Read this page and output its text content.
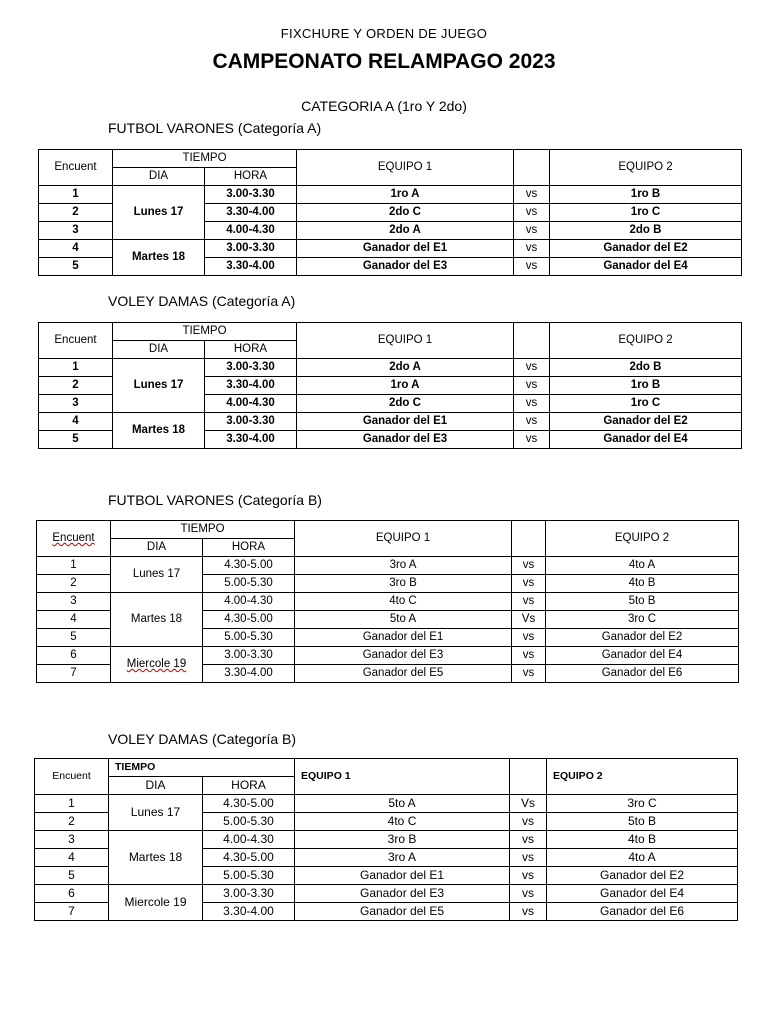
FIXCHURE Y ORDEN DE JUEGO
CAMPEONATO RELAMPAGO 2023
CATEGORIA A (1ro Y 2do)
FUTBOL VARONES (Categoría A)
Encuent	TIEMPO		EQUIPO 1		EQUIPO 2
	DIA	HORA			
1	Lunes 17	3.00-3.30	1ro A	vs	1ro B
2		3.30-4.00	2do C	vs	1ro C
3		4.00-4.30	2do A	vs	2do B
4	Martes 18	3.00-3.30	Ganador del E1	vs	Ganador del E2
5		3.30-4.00	Ganador del E3	vs	Ganador del E4
VOLEY DAMAS (Categoría A)
Encuent	TIEMPO		EQUIPO 1		EQUIPO 2
	DIA	HORA			
1	Lunes 17	3.00-3.30	2do A	vs	2do B
2		3.30-4.00	1ro A	vs	1ro B
3		4.00-4.30	2do C	vs	1ro C
4	Martes 18	3.00-3.30	Ganador del E1	vs	Ganador del E2
5		3.30-4.00	Ganador del E3	vs	Ganador del E4
FUTBOL VARONES (Categoría B)
Encuent	TIEMPO		EQUIPO 1		EQUIPO 2
	DIA	HORA			
1	Lunes 17	4.30-5.00	3ro A	vs	4to A
2		5.00-5.30	3ro B	vs	4to B
3	Martes 18	4.00-4.30	4to C	vs	5to B
4		4.30-5.00	5to A	Vs	3ro C
5		5.00-5.30	Ganador del E1	vs	Ganador del E2
6	Miercole 19	3.00-3.30	Ganador del E3	vs	Ganador del E4
7		3.30-4.00	Ganador del E5	vs	Ganador del E6
VOLEY DAMAS (Categoría B)
Encuent	TIEMPO		EQUIPO 1		EQUIPO 2
	DIA	HORA			
1	Lunes 17	4.30-5.00	5to A	Vs	3ro C
2		5.00-5.30	4to C	vs	5to B
3	Martes 18	4.00-4.30	3ro B	vs	4to B
4		4.30-5.00	3ro A	vs	4to A
5		5.00-5.30	Ganador del E1	vs	Ganador del E2
6	Miercole 19	3.00-3.30	Ganador del E3	vs	Ganador del E4
7		3.30-4.00	Ganador del E5	vs	Ganador del E6
